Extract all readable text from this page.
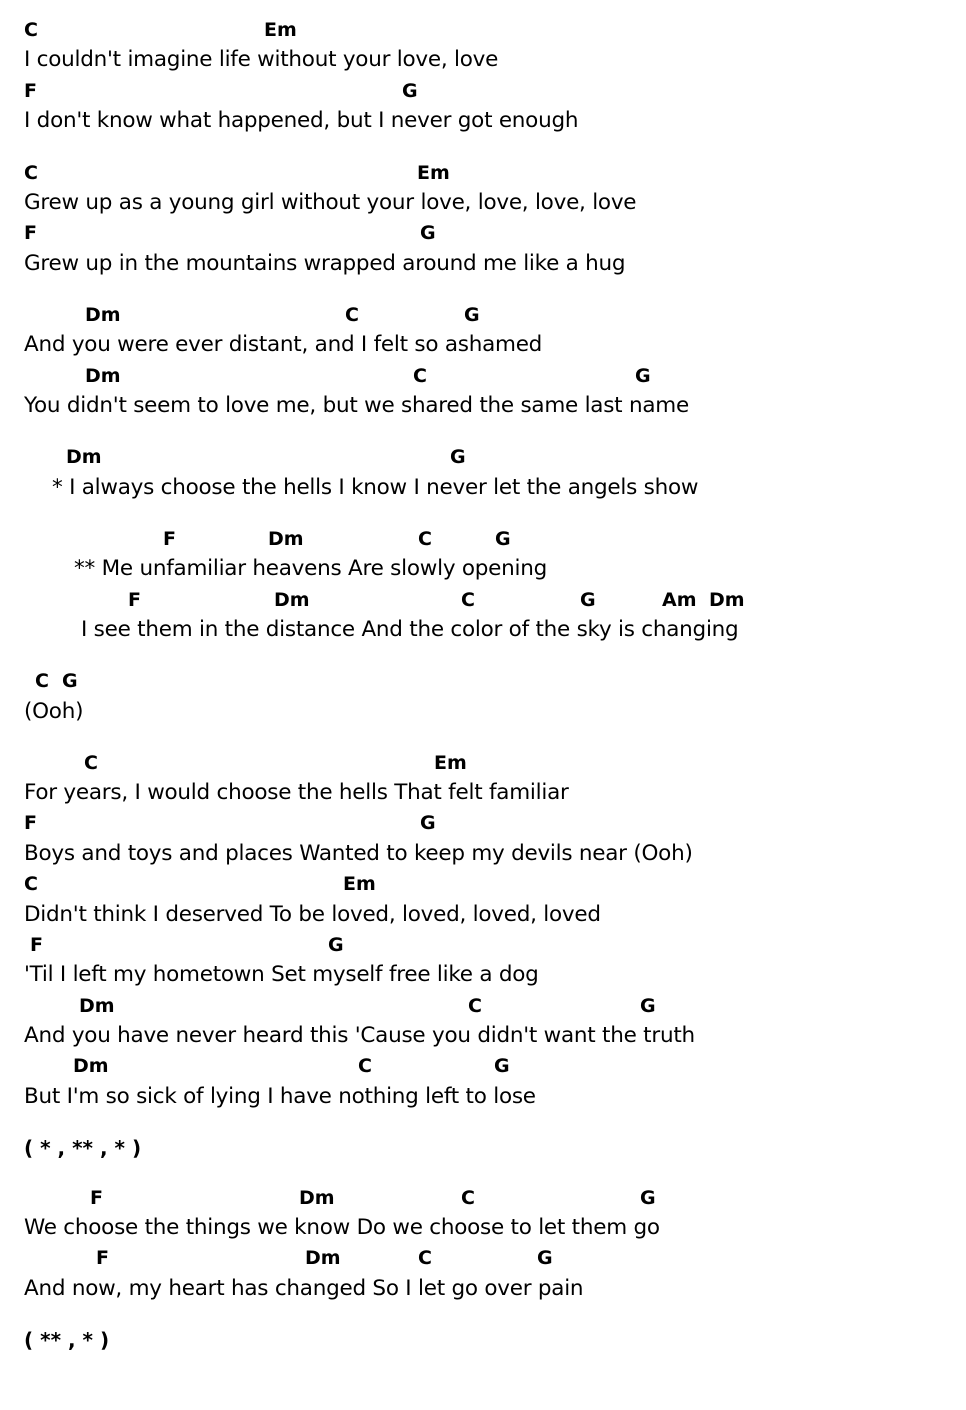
C	Em
I couldn't imagine life without your love, love
F	G
I don't know what happened, but I never got enough
C	Em
Grew up as a young girl without your love, love, love, love
F	G
Grew up in the mountains wrapped around me like a hug
Dm	C	G
And you were ever distant, and I felt so ashamed
Dm	C	G
You didn't seem to love me, but we shared the same last name
Dm	G
* I always choose the hells I know I never let the angels show
F	Dm	C	G
** Me unfamiliar heavens Are slowly opening
F	Dm	C	G	Am Dm
I see them in the distance And the color of the sky is changing
C G
(Ooh)
C	Em
For years, I would choose the hells That felt familiar
F	G
Boys and toys and places Wanted to keep my devils near (Ooh)
C	Em
Didn't think I deserved To be loved, loved, loved, loved
F	G
'Til I left my hometown Set myself free like a dog
Dm	C	G
And you have never heard this 'Cause you didn't want the truth
Dm	C	G
But I'm so sick of lying I have nothing left to lose
( * , ** , * )
F	Dm	C	G
We choose the things we know Do we choose to let them go
F	Dm	C	G
And now, my heart has changed So I let go over pain
( ** , * )
